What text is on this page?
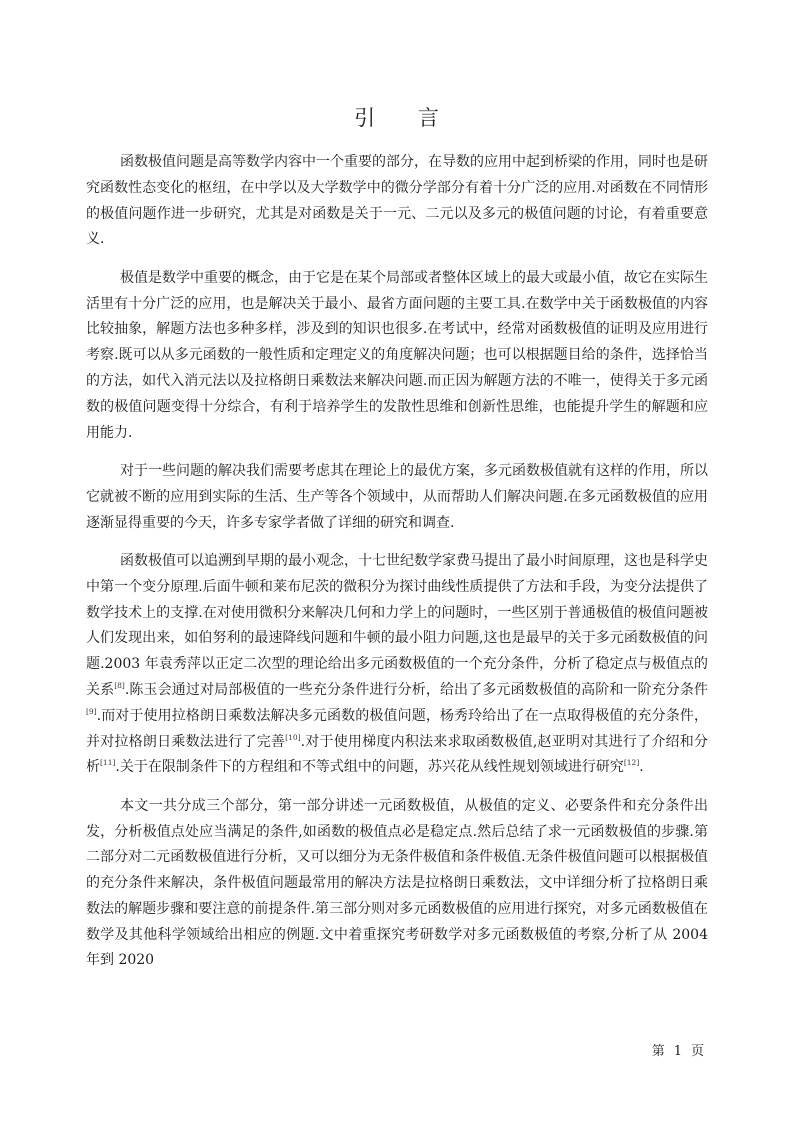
引 言

函数极值问题是高等数学内容中一个重要的部分，在导数的应用中起到桥梁的作用，同时也是研究函数性态变化的枢纽，在中学以及大学数学中的微分学部分有着十分广泛的应用.对函数在不同情形的极值问题作进一步研究，尤其是对函数是关于一元、二元以及多元的极值问题的讨论，有着重要意义.

极值是数学中重要的概念，由于它是在某个局部或者整体区域上的最大或最小值，故它在实际生活里有十分广泛的应用，也是解决关于最小、最省方面问题的主要工具.在数学中关于函数极值的内容比较抽象，解题方法也多种多样，涉及到的知识也很多.在考试中，经常对函数极值的证明及应用进行考察.既可以从多元函数的一般性质和定理定义的角度解决问题；也可以根据题目给的条件，选择恰当的方法，如代入消元法以及拉格朗日乘数法来解决问题.而正因为解题方法的不唯一，使得关于多元函数的极值问题变得十分综合，有利于培养学生的发散性思维和创新性思维，也能提升学生的解题和应用能力.

对于一些问题的解决我们需要考虑其在理论上的最优方案，多元函数极值就有这样的作用，所以它就被不断的应用到实际的生活、生产等各个领域中，从而帮助人们解决问题.在多元函数极值的应用逐渐显得重要的今天，许多专家学者做了详细的研究和调查.

函数极值可以追溯到早期的最小观念，十七世纪数学家费马提出了最小时间原理，这也是科学史中第一个变分原理.后面牛顿和莱布尼茨的微积分为探讨曲线性质提供了方法和手段，为变分法提供了数学技术上的支撑.在对使用微积分来解决几何和力学上的问题时，一些区别于普通极值的极值问题被人们发现出来，如伯努利的最速降线问题和牛顿的最小阻力问题,这也是最早的关于多元函数极值的问题.2003 年袁秀萍以正定二次型的理论给出多元函数极值的一个充分条件，分析了稳定点与极值点的关系[8].陈玉会通过对局部极值的一些充分条件进行分析，给出了多元函数极值的高阶和一阶充分条件[9].而对于使用拉格朗日乘数法解决多元函数的极值问题，杨秀玲给出了在一点取得极值的充分条件，并对拉格朗日乘数法进行了完善[10].对于使用梯度内积法来求取函数极值,赵亚明对其进行了介绍和分析[11].关于在限制条件下的方程组和不等式组中的问题，苏兴花从线性规划领域进行研究[12].

本文一共分成三个部分，第一部分讲述一元函数极值，从极值的定义、必要条件和充分条件出发，分析极值点处应当满足的条件,如函数的极值点必是稳定点.然后总结了求一元函数极值的步骤.第二部分对二元函数极值进行分析，又可以细分为无条件极值和条件极值.无条件极值问题可以根据极值的充分条件来解决，条件极值问题最常用的解决方法是拉格朗日乘数法，文中详细分析了拉格朗日乘数法的解题步骤和要注意的前提条件.第三部分则对多元函数极值的应用进行探究，对多元函数极值在数学及其他科学领域给出相应的例题.文中着重探究考研数学对多元函数极值的考察,分析了从 2004 年到 2020

第 1 页
